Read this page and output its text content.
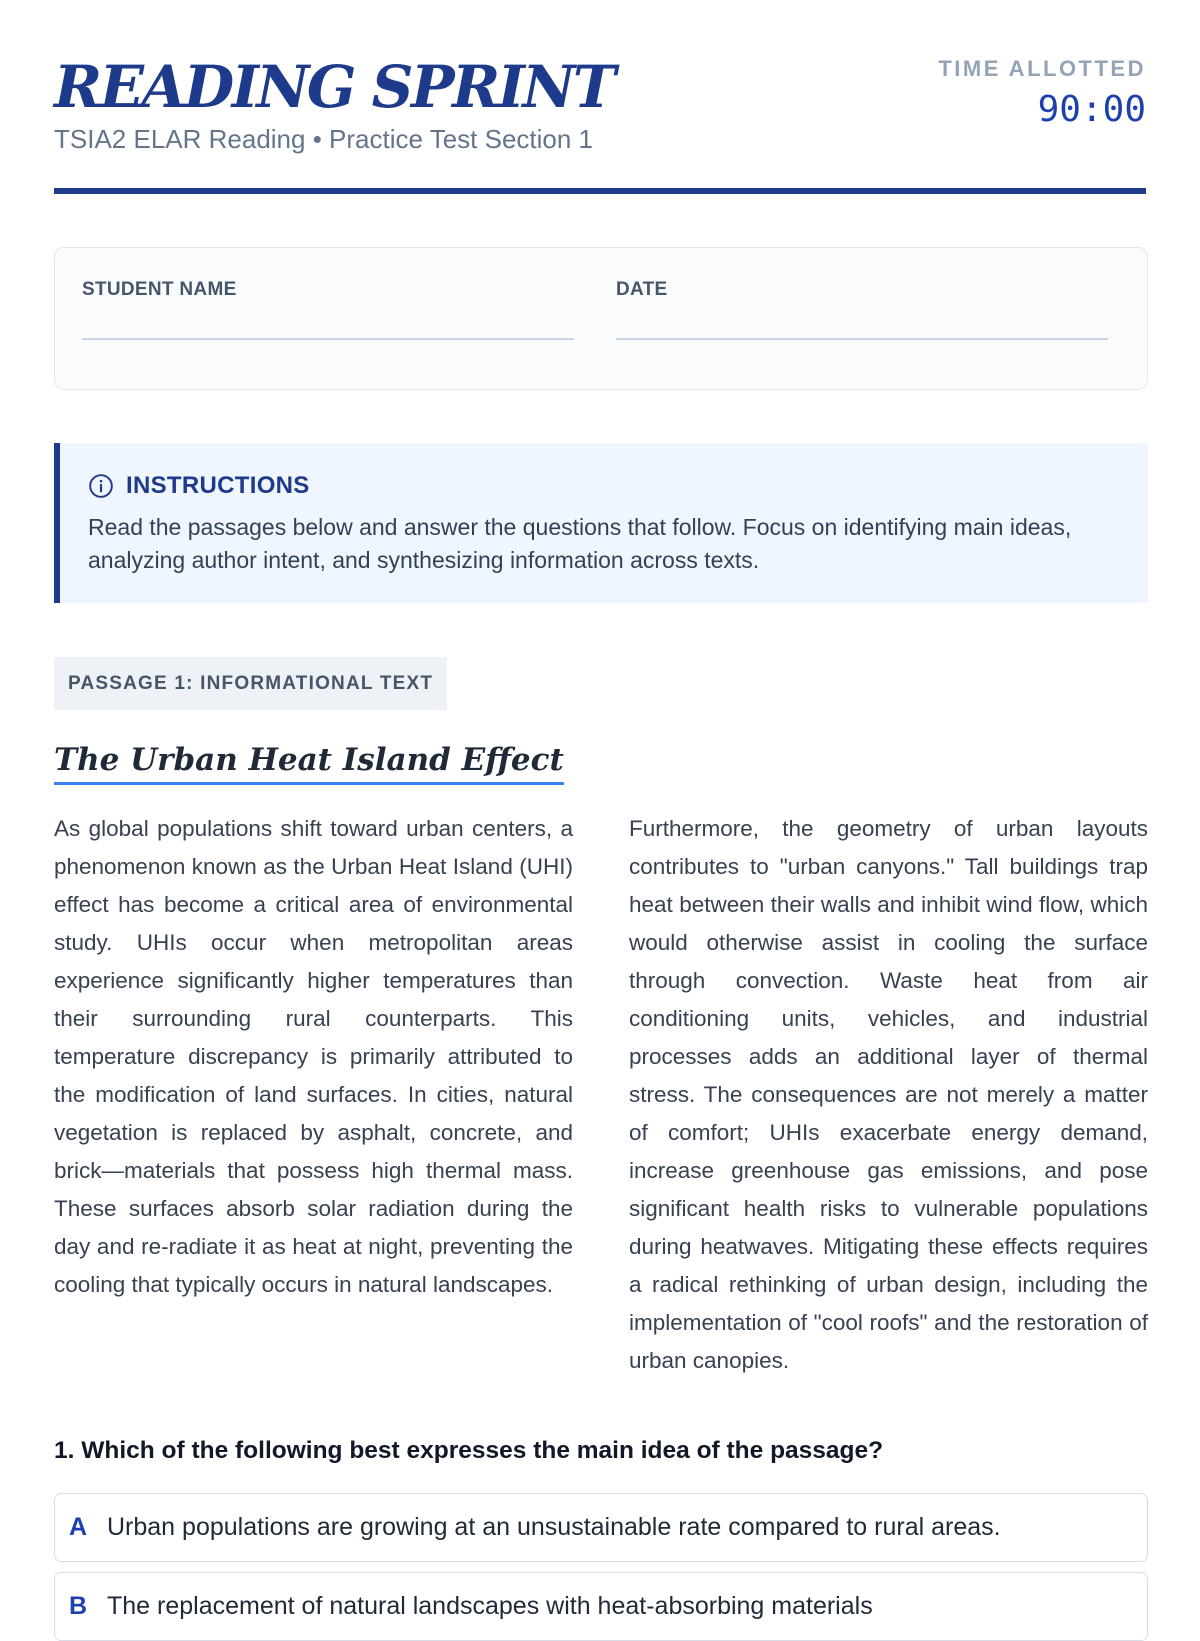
READING SPRINT
TSIA2 ELAR Reading • Practice Test Section 1
TIME ALLOTTED
90:00
STUDENT NAME	DATE
INSTRUCTIONS

Read the passages below and answer the questions that follow. Focus on identifying main ideas, analyzing author intent, and synthesizing information across texts.

PASSAGE 1: INFORMATIONAL TEXT
The Urban Heat Island Effect

As global populations shift toward urban centers, a phenomenon known as the Urban Heat Island (UHI) effect has become a critical area of environmental study. UHIs occur when metropolitan areas experience significantly higher temperatures than their surrounding rural counterparts. This temperature discrepancy is primarily attributed to the modification of land surfaces. In cities, natural vegetation is replaced by asphalt, concrete, and brick—materials that possess high thermal mass. These surfaces absorb solar radiation during the day and re-radiate it as heat at night, preventing the cooling that typically occurs in natural landscapes.

Furthermore, the geometry of urban layouts contributes to "urban canyons." Tall buildings trap heat between their walls and inhibit wind flow, which would otherwise assist in cooling the surface through convection. Waste heat from air conditioning units, vehicles, and industrial processes adds an additional layer of thermal stress. The consequences are not merely a matter of comfort; UHIs exacerbate energy demand, increase greenhouse gas emissions, and pose significant health risks to vulnerable populations during heatwaves. Mitigating these effects requires a radical rethinking of urban design, including the implementation of "cool roofs" and the restoration of urban canopies.

1. Which of the following best expresses the main idea of the passage?

A Urban populations are growing at an unsustainable rate compared to rural areas.
B The replacement of natural landscapes with heat-absorbing materials
